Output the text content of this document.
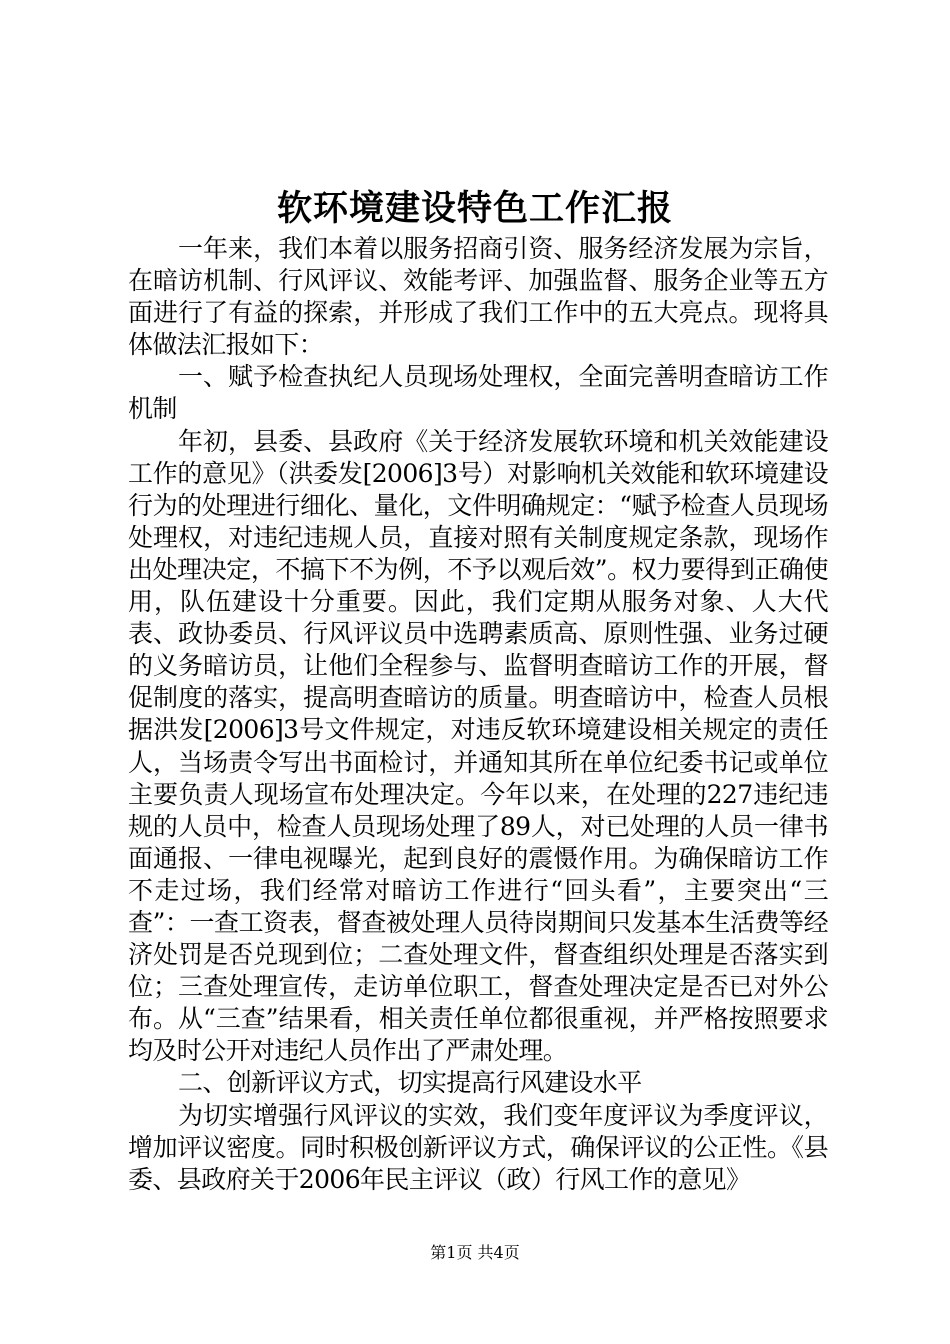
软环境建设特色工作汇报

一年来，我们本着以服务招商引资、服务经济发展为宗旨，在暗访机制、行风评议、效能考评、加强监督、服务企业等五方面进行了有益的探索，并形成了我们工作中的五大亮点。现将具体做法汇报如下：

一、赋予检查执纪人员现场处理权，全面完善明查暗访工作机制

年初，县委、县政府《关于经济发展软环境和机关效能建设工作的意见》（洪委发[2006]3号）对影响机关效能和软环境建设行为的处理进行细化、量化，文件明确规定：“赋予检查人员现场处理权，对违纪违规人员，直接对照有关制度规定条款，现场作出处理决定，不搞下不为例，不予以观后效”。权力要得到正确使用，队伍建设十分重要。因此，我们定期从服务对象、人大代表、政协委员、行风评议员中选聘素质高、原则性强、业务过硬的义务暗访员，让他们全程参与、监督明查暗访工作的开展，督促制度的落实，提高明查暗访的质量。明查暗访中，检查人员根据洪发[2006]3号文件规定，对违反软环境建设相关规定的责任人，当场责令写出书面检讨，并通知其所在单位纪委书记或单位主要负责人现场宣布处理决定。今年以来，在处理的227违纪违规的人员中，检查人员现场处理了89人，对已处理的人员一律书面通报、一律电视曝光，起到良好的震慑作用。为确保暗访工作不走过场，我们经常对暗访工作进行“回头看”，主要突出“三查”：一查工资表，督查被处理人员待岗期间只发基本生活费等经济处罚是否兑现到位；二查处理文件，督查组织处理是否落实到位；三查处理宣传，走访单位职工，督查处理决定是否已对外公布。从“三查”结果看，相关责任单位都很重视，并严格按照要求均及时公开对违纪人员作出了严肃处理。

二、创新评议方式，切实提高行风建设水平

为切实增强行风评议的实效，我们变年度评议为季度评议，增加评议密度。同时积极创新评议方式，确保评议的公正性。《县委、县政府关于2006年民主评议（政）行风工作的意见》

第1页 共4页
